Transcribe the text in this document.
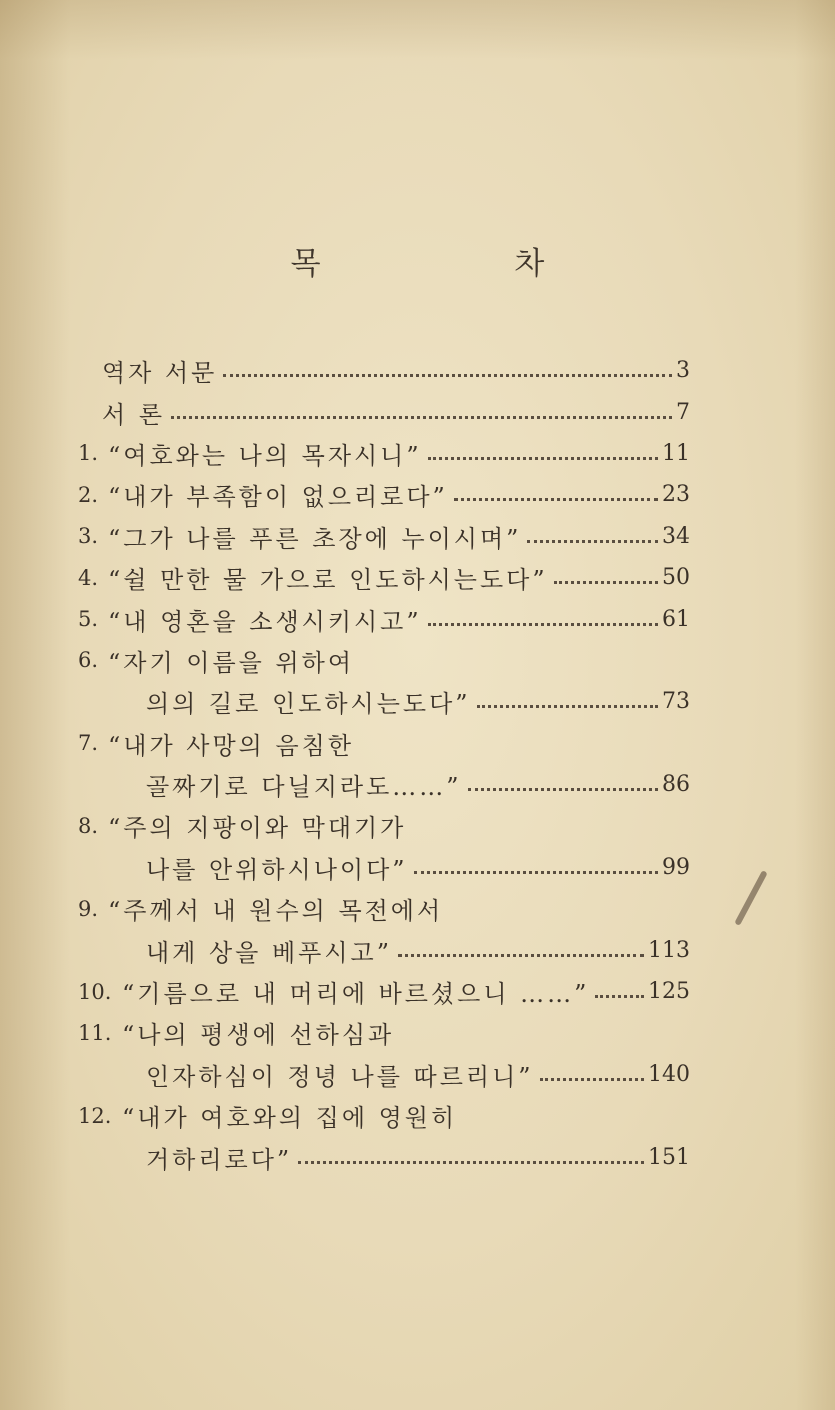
목 차
역자 서문	3
서 론	7
1. “여호와는 나의 목자시니”	11
2. “내가 부족함이 없으리로다”	23
3. “그가 나를 푸른 초장에 누이시며”	34
4. “쉴 만한 물 가으로 인도하시는도다”	50
5. “내 영혼을 소생시키시고”	61
6. “자기 이름을 위하여
의의 길로 인도하시는도다”	73
7. “내가 사망의 음침한
골짜기로 다닐지라도……”	86
8. “주의 지팡이와 막대기가
나를 안위하시나이다”	99
9. “주께서 내 원수의 목전에서
내게 상을 베푸시고”	113
10. “기름으로 내 머리에 바르셨으니 ……”	125
11. “나의 평생에 선하심과
인자하심이 정녕 나를 따르리니”	140
12. “내가 여호와의 집에 영원히
거하리로다”	151
